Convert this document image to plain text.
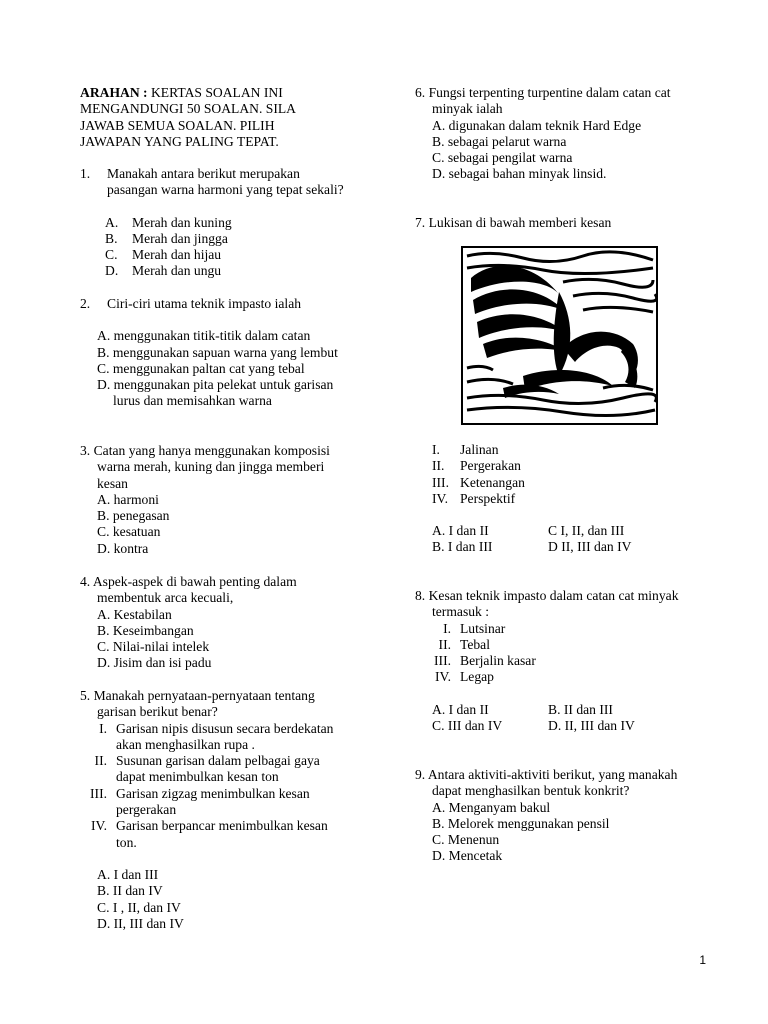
ARAHAN : KERTAS SOALAN INI
MENGANDUNGI 50 SOALAN. SILA
JAWAB SEMUA SOALAN. PILIH
JAWAPAN YANG PALING TEPAT.
1. Manakah antara berikut merupakan
pasangan warna harmoni yang tepat sekali?
A. Merah dan kuning
B. Merah dan jingga
C. Merah dan hijau
D. Merah dan ungu
2. Ciri-ciri utama teknik impasto ialah
A. menggunakan titik-titik dalam catan
B. menggunakan sapuan warna yang lembut
C. menggunakan paltan cat yang tebal
D. menggunakan pita pelekat untuk garisan
lurus dan memisahkan warna
3. Catan yang hanya menggunakan komposisi
warna merah, kuning dan jingga memberi
kesan
A. harmoni
B. penegasan
C. kesatuan
D. kontra
4. Aspek-aspek di bawah penting dalam
membentuk arca kecuali,
A. Kestabilan
B. Keseimbangan
C. Nilai-nilai intelek
D. Jisim dan isi padu
5. Manakah pernyataan-pernyataan tentang
garisan berikut benar?
I. Garisan nipis disusun secara berdekatan
akan menghasilkan rupa .
II. Susunan garisan dalam pelbagai gaya
dapat menimbulkan kesan ton
III. Garisan zigzag menimbulkan kesan
pergerakan
IV. Garisan berpancar menimbulkan kesan
ton.
A. I dan III
B. II dan IV
C. I , II, dan IV
D. II, III dan IV
6. Fungsi terpenting turpentine dalam catan cat
minyak ialah
A. digunakan dalam teknik Hard Edge
B. sebagai pelarut warna
C. sebagai pengilat warna
D. sebagai bahan minyak linsid.
7. Lukisan di bawah memberi kesan
I. Jalinan
II. Pergerakan
III. Ketenangan
IV. Perspektif
A. I dan II	C I, II, dan III
B. I dan III	D II, III dan IV
8. Kesan teknik impasto dalam catan cat minyak
termasuk :
I. Lutsinar
II. Tebal
III. Berjalin kasar
IV. Legap
A. I dan II	B. II dan III
C. III dan IV	D. II, III dan IV
9. Antara aktiviti-aktiviti berikut, yang manakah
dapat menghasilkan bentuk konkrit?
A. Menganyam bakul
B. Melorek menggunakan pensil
C. Menenun
D. Mencetak
1
